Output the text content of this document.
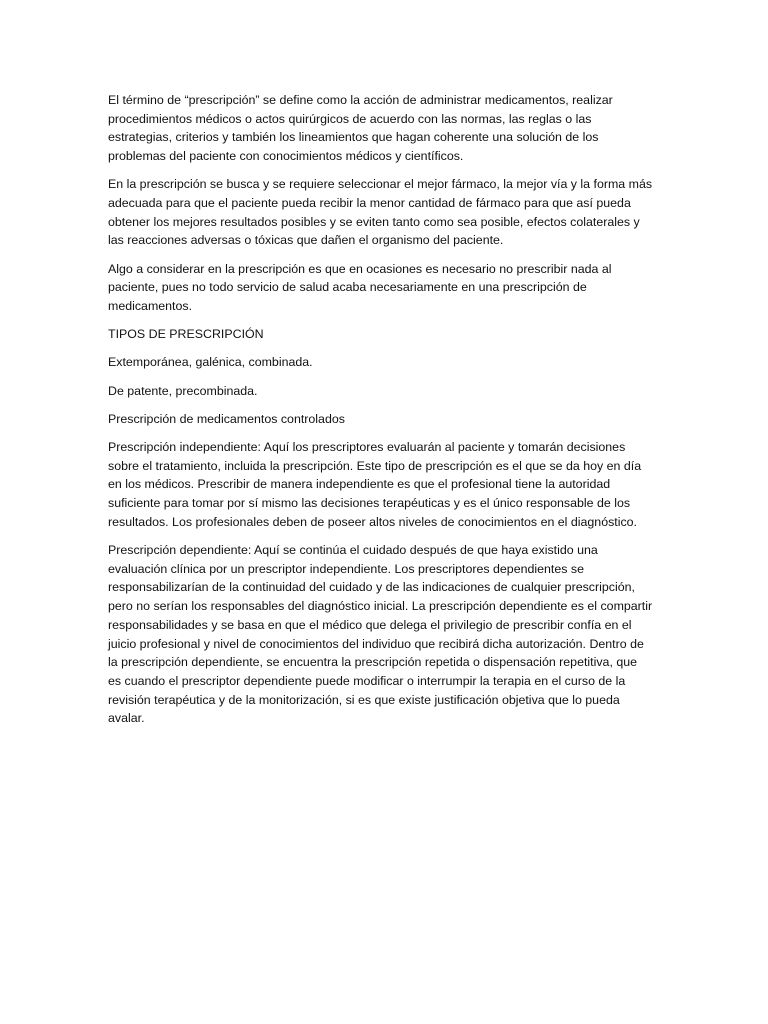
El término de “prescripción” se define como la acción de administrar medicamentos, realizar
procedimientos médicos o actos quirúrgicos de acuerdo con las normas, las reglas o las
estrategias, criterios y también los lineamientos que hagan coherente una solución de los
problemas del paciente con conocimientos médicos y científicos.

En la prescripción se busca y se requiere seleccionar el mejor fármaco, la mejor vía y la forma más
adecuada para que el paciente pueda recibir la menor cantidad de fármaco para que así pueda
obtener los mejores resultados posibles y se eviten tanto como sea posible, efectos colaterales y
las reacciones adversas o tóxicas que dañen el organismo del paciente.

Algo a considerar en la prescripción es que en ocasiones es necesario no prescribir nada al
paciente, pues no todo servicio de salud acaba necesariamente en una prescripción de
medicamentos.

TIPOS DE PRESCRIPCIÓN

Extemporánea, galénica, combinada.

De patente, precombinada.

Prescripción de medicamentos controlados

Prescripción independiente: Aquí los prescriptores evaluarán al paciente y tomarán decisiones
sobre el tratamiento, incluida la prescripción. Este tipo de prescripción es el que se da hoy en día
en los médicos. Prescribir de manera independiente es que el profesional tiene la autoridad
suficiente para tomar por sí mismo las decisiones terapéuticas y es el único responsable de los
resultados. Los profesionales deben de poseer altos niveles de conocimientos en el diagnóstico.

Prescripción dependiente: Aquí se continúa el cuidado después de que haya existido una
evaluación clínica por un prescriptor independiente. Los prescriptores dependientes se
responsabilizarían de la continuidad del cuidado y de las indicaciones de cualquier prescripción,
pero no serían los responsables del diagnóstico inicial. La prescripción dependiente es el compartir
responsabilidades y se basa en que el médico que delega el privilegio de prescribir confía en el
juicio profesional y nivel de conocimientos del individuo que recibirá dicha autorización. Dentro de
la prescripción dependiente, se encuentra la prescripción repetida o dispensación repetitiva, que
es cuando el prescriptor dependiente puede modificar o interrumpir la terapia en el curso de la
revisión terapéutica y de la monitorización, si es que existe justificación objetiva que lo pueda
avalar.
